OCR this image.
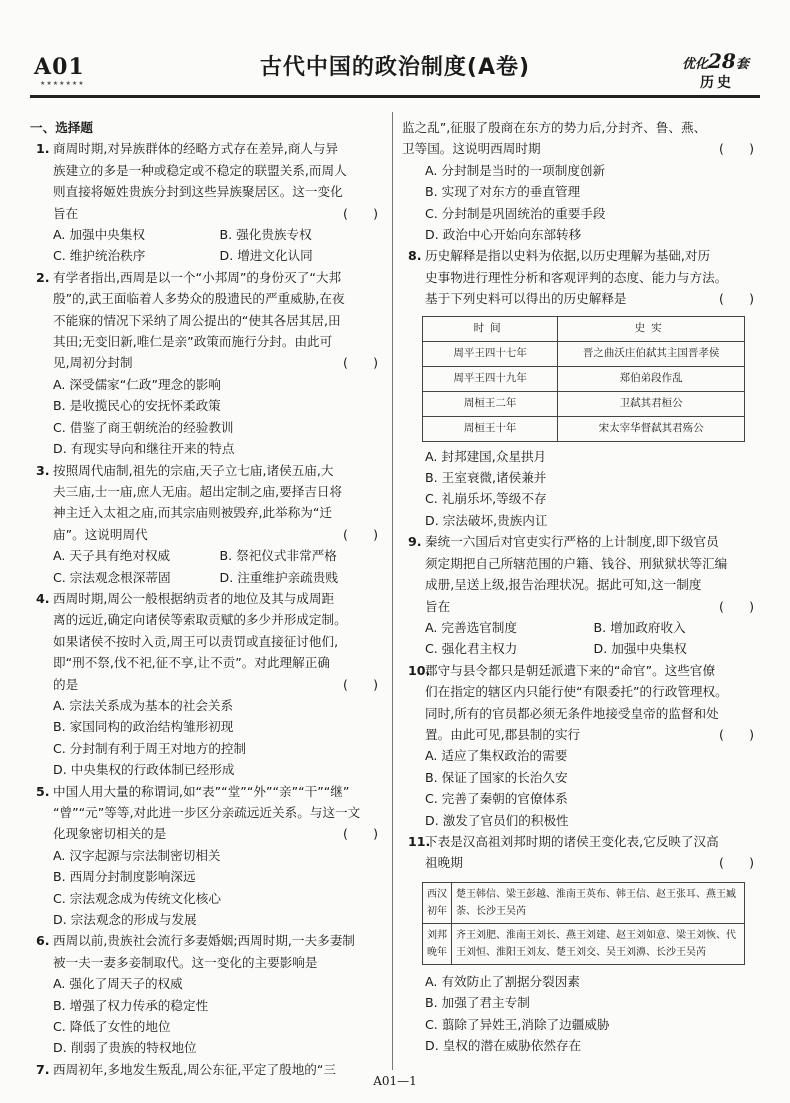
A01
★★★★★★★
古代中国的政治制度(A卷)	优化28套
历史
一、选择题
1. 商周时期,对异族群体的经略方式存在差异,商人与异
族建立的多是一种或稳定或不稳定的联盟关系,而周人
则直接将姬姓贵族分封到这些异族聚居区。这一变化
旨在	(　　)
A. 加强中央集权	B. 强化贵族专权
C. 维护统治秩序	D. 增进文化认同
2. 有学者指出,西周是以一个“小邦周”的身份灭了“大邦
殷”的,武王面临着人多势众的殷遗民的严重威胁,在夜
不能寐的情况下采纳了周公提出的“使其各居其居,田
其田;无变旧新,唯仁是亲”政策而施行分封。由此可
见,周初分封制	(　　)
A. 深受儒家“仁政”理念的影响
B. 是收揽民心的安抚怀柔政策
C. 借鉴了商王朝统治的经验教训
D. 有现实导向和继往开来的特点
3. 按照周代庙制,祖先的宗庙,天子立七庙,诸侯五庙,大
夫三庙,士一庙,庶人无庙。超出定制之庙,要择吉日将
神主迁入太祖之庙,而其宗庙则被毁弃,此举称为“迁
庙”。这说明周代	(　　)
A. 天子具有绝对权威	B. 祭祀仪式非常严格
C. 宗法观念根深蒂固	D. 注重维护亲疏贵贱
4. 西周时期,周公一般根据纳贡者的地位及其与成周距
离的远近,确定向诸侯等索取贡赋的多少并形成定制。
如果诸侯不按时入贡,周王可以责罚或直接征讨他们,
即“刑不祭,伐不祀,征不享,让不贡”。对此理解正确
的是	(　　)
A. 宗法关系成为基本的社会关系
B. 家国同构的政治结构雏形初现
C. 分封制有利于周王对地方的控制
D. 中央集权的行政体制已经形成
5. 中国人用大量的称谓词,如“表”“堂”“外”“亲”“干”“继”
“曾”“元”等等,对此进一步区分亲疏远近关系。与这一文
化现象密切相关的是	(　　)
A. 汉字起源与宗法制密切相关
B. 西周分封制度影响深远
C. 宗法观念成为传统文化核心
D. 宗法观念的形成与发展
6. 西周以前,贵族社会流行多妻婚姻;西周时期,一夫多妻制
被一夫一妻多妾制取代。这一变化的主要影响是
A. 强化了周天子的权威
B. 增强了权力传承的稳定性
C. 降低了女性的地位
D. 削弱了贵族的特权地位
7. 西周初年,多地发生叛乱,周公东征,平定了殷地的“三
监之乱”,征服了殷商在东方的势力后,分封齐、鲁、燕、
卫等国。这说明西周时期	(　　)
A. 分封制是当时的一项制度创新
B. 实现了对东方的垂直管理
C. 分封制是巩固统治的重要手段
D. 政治中心开始向东部转移
8. 历史解释是指以史料为依据,以历史理解为基础,对历
史事物进行理性分析和客观评判的态度、能力与方法。
基于下列史料可以得出的历史解释是	(　　)
时间	史实
周平王四十七年	晋之曲沃庄伯弑其主国晋孝侯
周平王四十九年	郑伯弟段作乱
周桓王二年	卫弑其君桓公
周桓王十年	宋太宰华督弑其君殇公
A. 封邦建国,众星拱月
B. 王室衰微,诸侯兼并
C. 礼崩乐坏,等级不存
D. 宗法破坏,贵族内讧
9. 秦统一六国后对官吏实行严格的上计制度,即下级官员
须定期把自己所辖范围的户籍、钱谷、刑狱狱状等汇编
成册,呈送上级,报告治理状况。据此可知,这一制度
旨在	(　　)
A. 完善选官制度	B. 增加政府收入
C. 强化君主权力	D. 加强中央集权
10.
郡守与县令都只是朝廷派遣下来的“命官”。这些官僚
们在指定的辖区内只能行使“有限委托”的行政管理权。
同时,所有的官员都必须无条件地接受皇帝的监督和处
置。由此可见,郡县制的实行	(　　)
A. 适应了集权政治的需要
B. 保证了国家的长治久安
C. 完善了秦朝的官僚体系
D. 激发了官员们的积极性
11.
下表是汉高祖刘邦时期的诸侯王变化表,它反映了汉高
祖晚期	(　　)
西汉初年	楚王韩信、梁王彭越、淮南王英布、韩王信、赵王张耳、燕王臧荼、长沙王吴芮
刘邦晚年	齐王刘肥、淮南王刘长、燕王刘建、赵王刘如意、梁王刘恢、代王刘恒、淮阳王刘友、楚王刘交、吴王刘濞、长沙王吴芮
A. 有效防止了割据分裂因素
B. 加强了君主专制
C. 翦除了异姓王,消除了边疆威胁
D. 皇权的潜在威胁依然存在
A01—1
